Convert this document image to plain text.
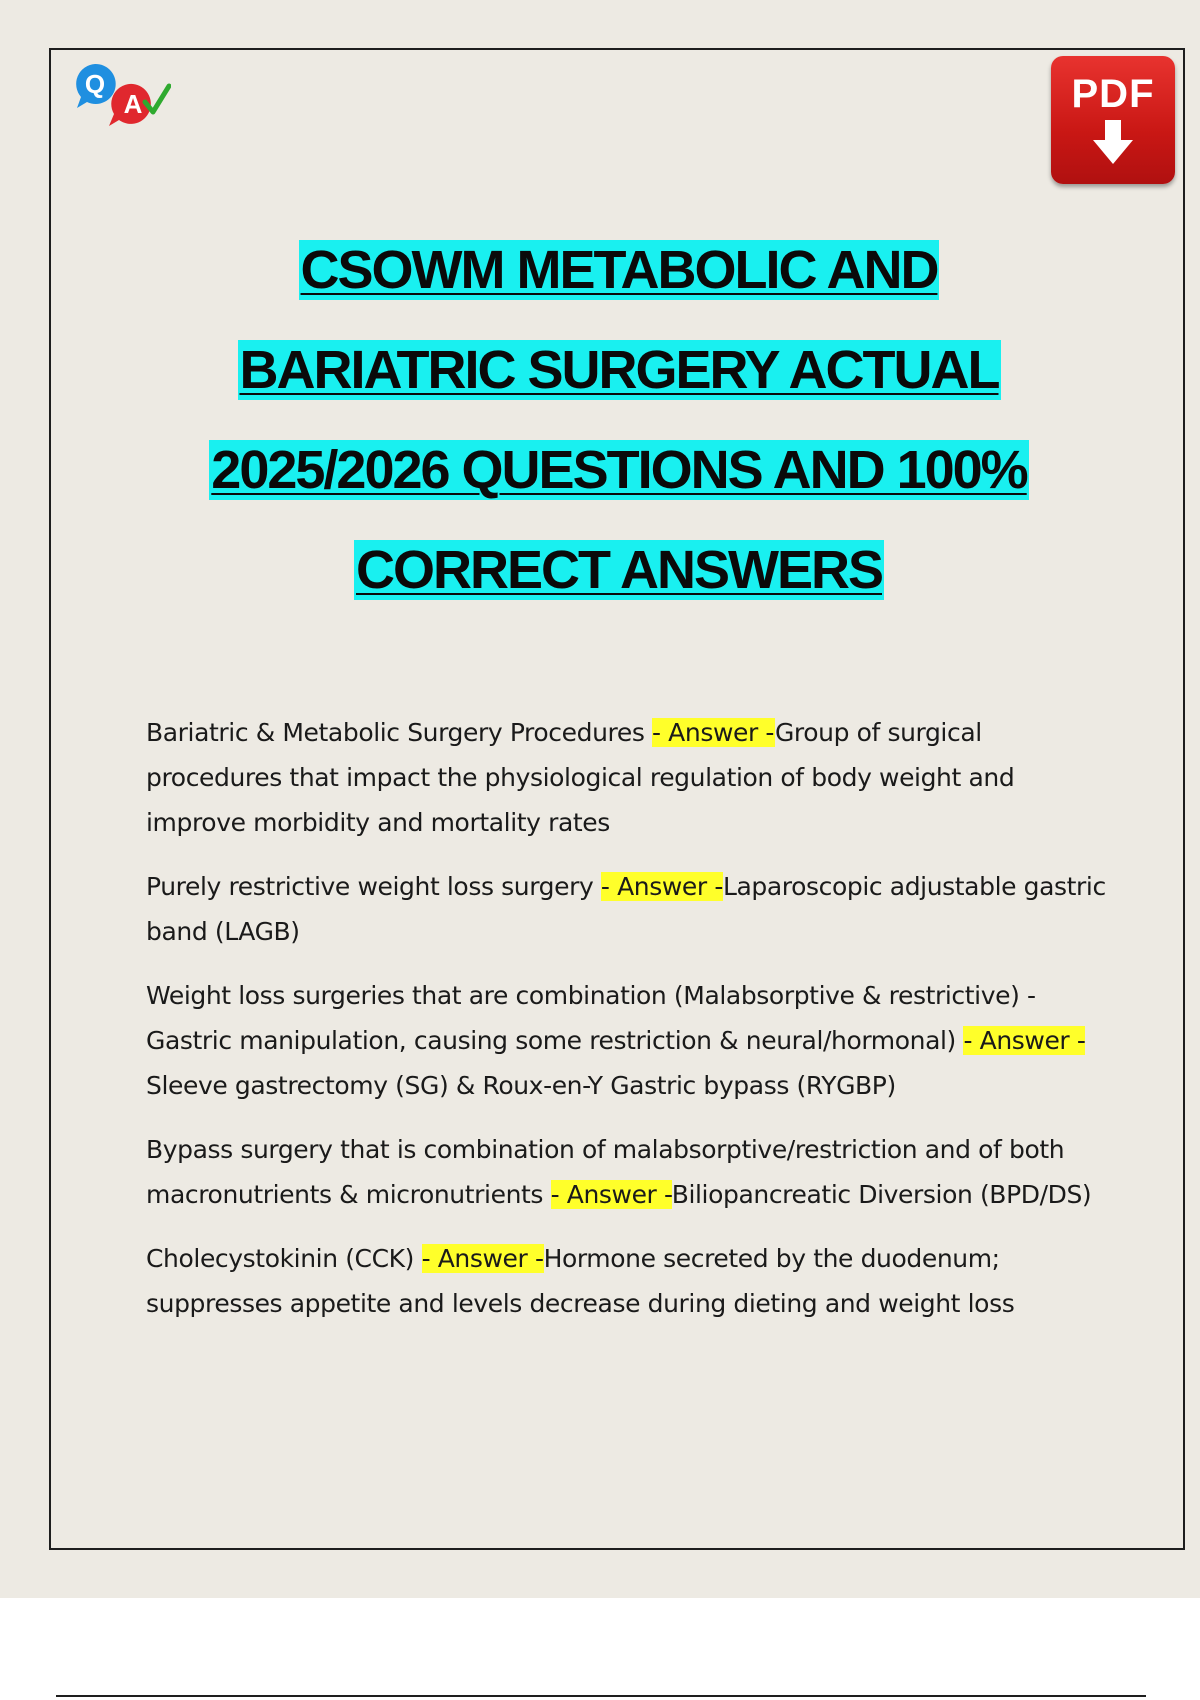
Q
A	PDF
CSOWM METABOLIC AND
BARIATRIC SURGERY ACTUAL
2025/2026 QUESTIONS AND 100%
CORRECT ANSWERS

Bariatric & Metabolic Surgery Procedures - Answer -Group of surgical procedures that impact the physiological regulation of body weight and improve morbidity and mortality rates

Purely restrictive weight loss surgery - Answer -Laparoscopic adjustable gastric band (LAGB)

Weight loss surgeries that are combination (Malabsorptive & restrictive) -Gastric manipulation, causing some restriction & neural/hormonal) - Answer -Sleeve gastrectomy (SG) & Roux-en-Y Gastric bypass (RYGBP)

Bypass surgery that is combination of malabsorptive/restriction and of both macronutrients & micronutrients - Answer -Biliopancreatic Diversion (BPD/DS)

Cholecystokinin (CCK) - Answer -Hormone secreted by the duodenum; suppresses appetite and levels decrease during dieting and weight loss
